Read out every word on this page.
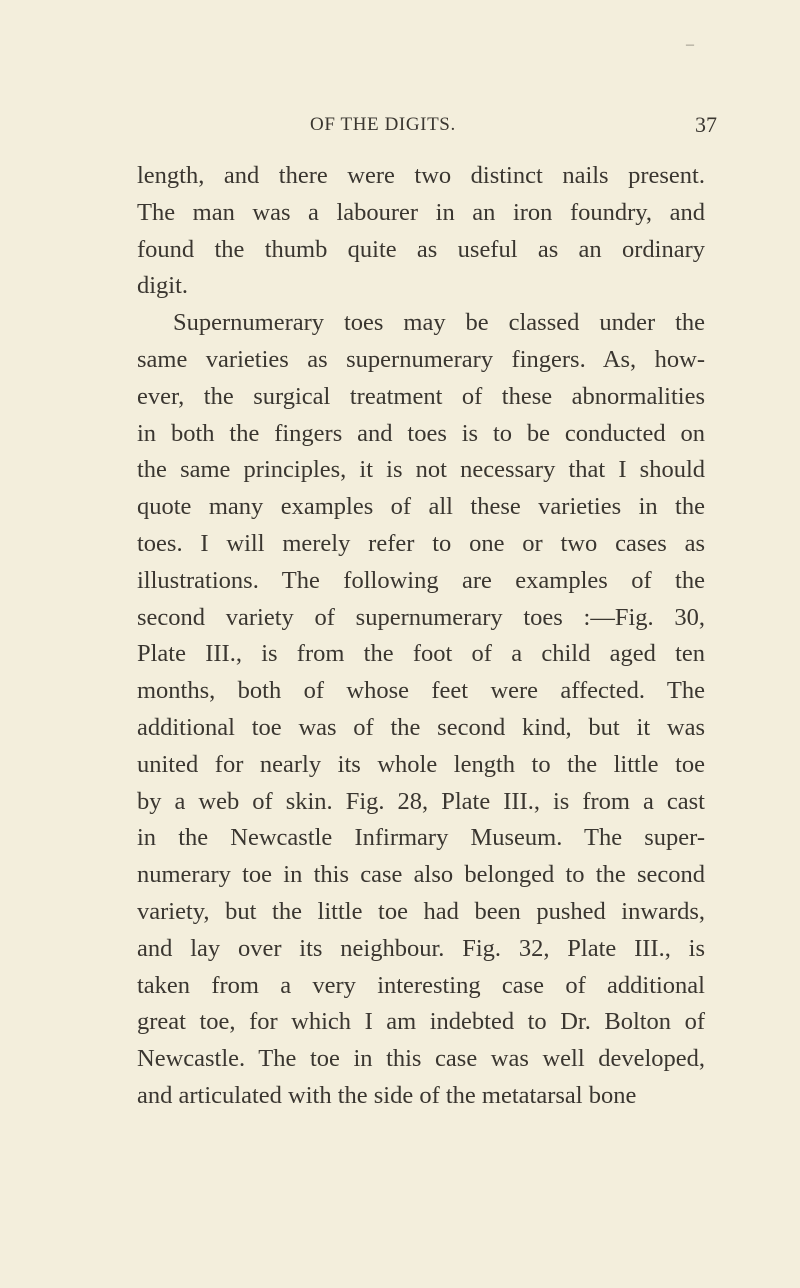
–
OF THE DIGITS.	37
length, and there were two distinct nails present.
The man was a labourer in an iron foundry, and
found the thumb quite as useful as an ordinary
digit.
Supernumerary toes may be classed under the
same varieties as supernumerary fingers. As, how-
ever, the surgical treatment of these abnormalities
in both the fingers and toes is to be conducted on
the same principles, it is not necessary that I should
quote many examples of all these varieties in the
toes. I will merely refer to one or two cases as
illustrations. The following are examples of the
second variety of supernumerary toes :—Fig. 30,
Plate III., is from the foot of a child aged ten
months, both of whose feet were affected. The
additional toe was of the second kind, but it was
united for nearly its whole length to the little toe
by a web of skin. Fig. 28, Plate III., is from a cast
in the Newcastle Infirmary Museum. The super-
numerary toe in this case also belonged to the second
variety, but the little toe had been pushed inwards,
and lay over its neighbour. Fig. 32, Plate III., is
taken from a very interesting case of additional
great toe, for which I am indebted to Dr. Bolton of
Newcastle. The toe in this case was well developed,
and articulated with the side of the metatarsal bone
